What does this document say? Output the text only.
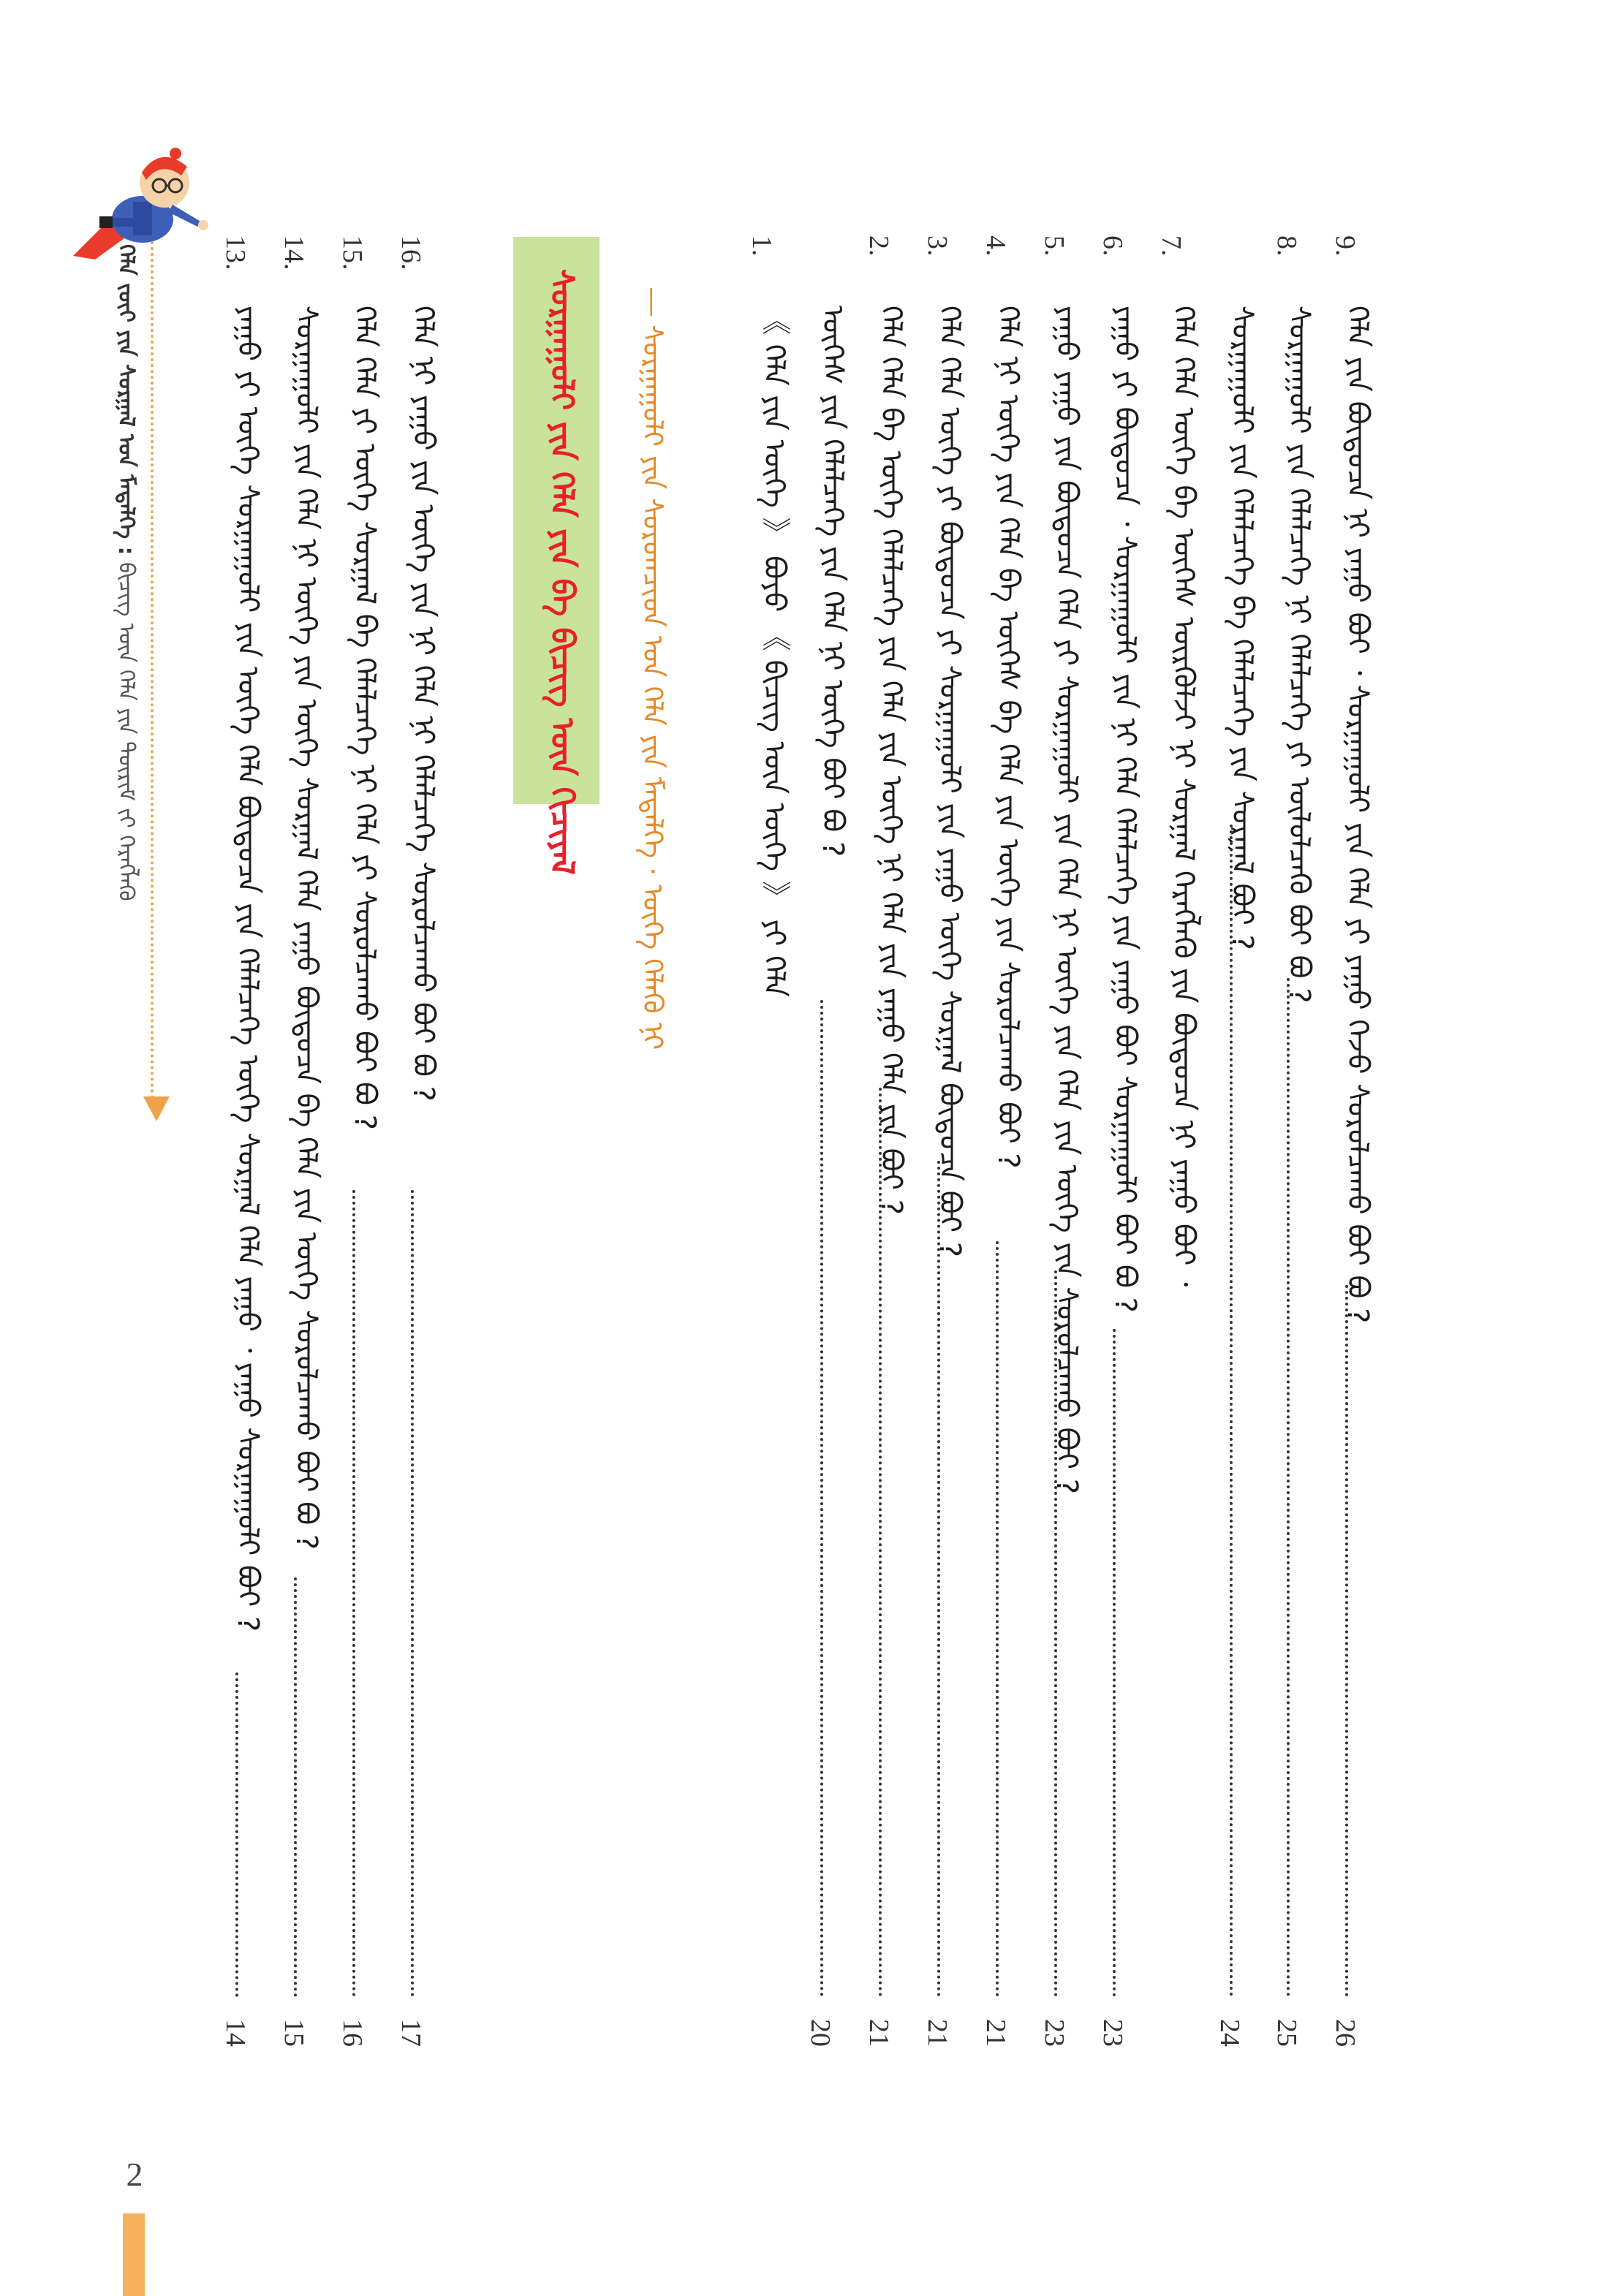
ᠬᠡᠯᠡ ᠵᠦᠢ ᠶᠢᠨ ᠰᠤᠷᠭᠠᠯ ᠤᠨ ᠮᠡᠳᠡᠯᠭᠡ : ᠪᠢᠴᠢᠭ ᠦᠨ ᠬᠡᠯᠡ ᠶᠢᠨ ᠳᠦᠷᠢᠮ ᠵᠢ ᠬᠡᠷᠡᠭᠯᠡᠬᠦ	ᠰᠤᠷᠭᠠᠭᠤᠯᠢ ᠶᠢᠨ ᠬᠡᠯᠡ ᠶᠢᠨ ᠪᠠ ᠪᠢᠴᠢᠭ ᠦᠨ ᠬᠢᠴᠢᠶᠡᠯ	— ᠰᠤᠷᠭᠠᠭᠤᠯᠢ ᠶᠢᠨ ᠰᠤᠷᠤᠭᠴᠢᠳ ᠤᠨ ᠬᠡᠯᠡ ᠶᠢᠨ ᠮᠡᠳᠡᠯᠭᠡ · ᠦᠭᠡ ᠬᠡᠯᠡᠬᠦ ᠨᠢ
9.
ᠬᠡᠯᠡ ᠶᠢᠨ ᠪᠦᠲᠦᠴᠡ ᠨᠢ ᠶᠠᠭᠤ ᠪᠤᠢ ᠂ ᠰᠤᠷᠭᠠᠭᠤᠯᠢ ᠶᠢᠨ ᠬᠡᠯᠡ ᠶᠢ ᠶᠠᠭᠤ ᠭᠡᠵᠦ ᠰᠤᠷᠤᠯᠴᠠᠬᠤ ᠪᠤᠢ ᠪᠤ ?
26
8.
ᠰᠤᠷᠭᠠᠭᠤᠯᠢ ᠶᠢᠨ ᠬᠡᠯᠡᠯᠴᠡᠭᠡ ᠨᠢ ᠬᠡᠯᠡᠯᠴᠡᠭᠡ ᠶᠢ ᠦᠯᠦᠯᠴᠡᠬᠦ ᠪᠤᠢ ᠪᠤ ?
25
ᠰᠤᠷᠭᠠᠭᠤᠯᠢ ᠶᠢᠨ ᠬᠡᠯᠡᠯᠴᠡᠭᠡ ᠪᠠ ᠬᠡᠯᠡᠯᠴᠡᠭᠡ ᠶᠢᠨ ᠰᠤᠷᠭᠠᠯ ᠪᠤᠢ ?
24
7.
ᠬᠡᠯᠡ ᠬᠡᠯᠡ ᠦᠭᠡ ᠪᠠ ᠦᠭᠡᠰ ᠦᠷᠭᠦᠯᠵᠢ ᠨᠢ ᠰᠤᠷᠭᠠᠯ ᠬᠡᠷᠡᠭᠯᠡᠬᠦ ᠶᠢᠨ ᠪᠦᠲᠦᠴᠡ ᠨᠢ ᠶᠠᠭᠤ ᠪᠤᠢ ᠂
6.
ᠶᠠᠭᠤ ᠶᠢ ᠪᠦᠲᠦᠴᠡ ᠂ ᠰᠤᠷᠭᠠᠭᠤᠯᠢ ᠶᠢᠨ ᠨᠢ ᠬᠡᠯᠡ ᠬᠡᠯᠡᠯᠴᠡᠭᠡ ᠶᠢᠨ ᠶᠠᠭᠤ ᠪᠤᠢ ᠰᠤᠷᠭᠠᠭᠤᠯᠢ ᠪᠤᠢ ᠪᠤ ?
23
5.
ᠶᠠᠭᠤ ᠶᠠᠭᠤ ᠶᠢᠨ ᠪᠦᠲᠦᠴᠡ ᠬᠡᠯᠡ ᠶᠢ ᠰᠤᠷᠭᠠᠭᠤᠯᠢ ᠶᠢᠨ ᠬᠡᠯᠡ ᠨᠢ ᠦᠭᠡ ᠶᠢᠨ ᠬᠡᠯᠡ ᠶᠢᠨ ᠦᠭᠡ ᠶᠢᠨ ᠰᠤᠷᠤᠯᠴᠠᠬᠤ ᠪᠤᠢ ?
23
4.
ᠬᠡᠯᠡ ᠨᠢ ᠦᠭᠡ ᠶᠢᠨ ᠬᠡᠯᠡ ᠪᠠ ᠦᠭᠡᠰ ᠪᠠ ᠬᠡᠯᠡ ᠶᠢᠨ ᠦᠭᠡ ᠶᠢᠨ ᠰᠤᠷᠤᠯᠴᠠᠬᠤ ᠪᠤᠢ ?
21
3.
ᠬᠡᠯᠡ ᠬᠡᠯᠡ ᠦᠭᠡ ᠶᠢ ᠪᠦᠲᠦᠴᠡ ᠶᠢ ᠰᠤᠷᠭᠠᠭᠤᠯᠢ ᠶᠢᠨ ᠶᠠᠭᠤ ᠦᠭᠡ ᠰᠤᠷᠭᠠᠯ ᠪᠦᠲᠦᠴᠡ ᠪᠤᠢ ?
21
2.
ᠬᠡᠯᠡ ᠬᠡᠯᠡ ᠪᠠ ᠦᠭᠡ ᠬᠡᠯᠡᠯᠴᠡᠭᠡ ᠶᠢᠨ ᠬᠡᠯᠡ ᠶᠢᠨ ᠦᠭᠡ ᠨᠢ ᠬᠡᠯᠡ ᠶᠢᠨ ᠶᠠᠭᠤ ᠬᠡᠯᠡ ᠶᠢᠨ ᠪᠤᠢ ?
21
ᠦᠭᠡᠰ ᠶᠢᠨ ᠬᠡᠯᠡᠯᠴᠡᠭᠡ ᠶᠢᠨ ᠬᠡᠯᠡ ᠨᠢ ᠦᠭᠡ ᠪᠤᠢ ᠪᠤ ?
20
1.
《 ᠬᠡᠯᠡ ᠶᠢᠨ ᠦᠭᠡ 》 ᠪᠤᠶᠤ 《 ᠪᠢᠴᠢᠭ ᠦᠨ ᠦᠭᠡ 》 ᠶᠢ ᠬᠡᠯᠡ
16.
ᠬᠡᠯᠡ ᠨᠢ ᠶᠠᠭᠤ ᠶᠢᠨ ᠦᠭᠡ ᠶᠢᠨ ᠨᠢ ᠬᠡᠯᠡ ᠨᠢ ᠬᠡᠯᠡᠯᠴᠡᠭᠡ ᠰᠤᠷᠤᠯᠴᠠᠬᠤ ᠪᠤᠢ ᠪᠤ ?
17
15.
ᠬᠡᠯᠡ ᠬᠡᠯᠡ ᠶᠢ ᠦᠭᠡ ᠰᠤᠷᠭᠠᠯ ᠪᠠ ᠬᠡᠯᠡᠯᠴᠡᠭᠡ ᠨᠢ ᠬᠡᠯᠡ ᠶᠢ ᠰᠤᠷᠤᠯᠴᠠᠬᠤ ᠪᠤᠢ ᠪᠤ ?
16
14.
ᠰᠤᠷᠭᠠᠭᠤᠯᠢ ᠶᠢᠨ ᠬᠡᠯᠡ ᠨᠢ ᠦᠭᠡ ᠶᠢᠨ ᠦᠭᠡ ᠰᠤᠷᠭᠠᠯ ᠬᠡᠯᠡ ᠶᠠᠭᠤ ᠪᠦᠲᠦᠴᠡ ᠪᠠ ᠬᠡᠯᠡ ᠶᠢᠨ ᠦᠭᠡ ᠰᠤᠷᠤᠯᠴᠠᠬᠤ ᠪᠤᠢ ᠪᠤ ?
15
13.
ᠶᠠᠭᠤ ᠶᠢ ᠦᠭᠡ ᠰᠤᠷᠭᠠᠭᠤᠯᠢ ᠶᠢᠨ ᠦᠭᠡ ᠬᠡᠯᠡ ᠪᠦᠲᠦᠴᠡ ᠶᠢᠨ ᠬᠡᠯᠡᠯᠴᠡᠭᠡ ᠦᠭᠡ ᠰᠤᠷᠭᠠᠯ ᠬᠡᠯᠡ ᠶᠠᠭᠤ ᠂ ᠶᠠᠭᠤ ᠰᠤᠷᠭᠠᠭᠤᠯᠢ ᠪᠤᠢ ?
14
2
